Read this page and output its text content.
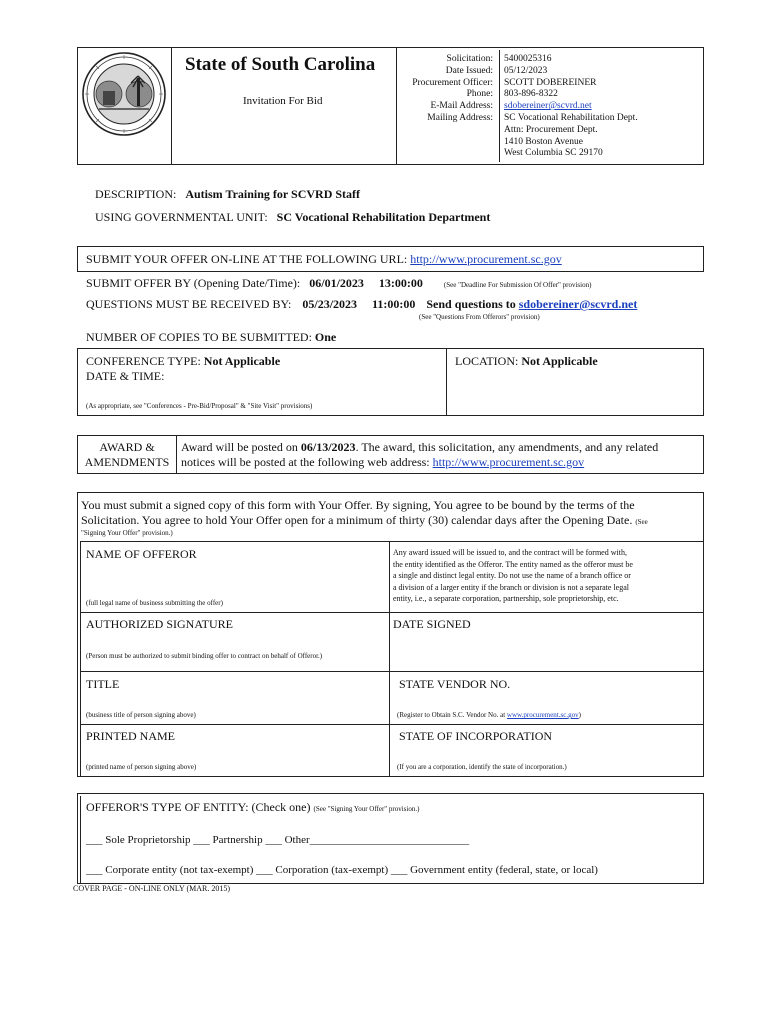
State of South Carolina
Invitation For Bid
Solicitation:
Date Issued:
Procurement Officer:
Phone:
E-Mail Address:
Mailing Address:
5400025316
05/12/2023
SCOTT DOBEREINER
803-896-8322
sdobereiner@scvrd.net
SC Vocational Rehabilitation Dept.
Attn: Procurement Dept.
1410 Boston Avenue
West Columbia SC 29170
DESCRIPTION: Autism Training for SCVRD Staff
USING GOVERNMENTAL UNIT: SC Vocational Rehabilitation Department
SUBMIT YOUR OFFER ON-LINE AT THE FOLLOWING URL: http://www.procurement.sc.gov
SUBMIT OFFER BY (Opening Date/Time): 06/01/2023 13:00:00	(See "Deadline For Submission Of Offer" provision)
QUESTIONS MUST BE RECEIVED BY: 05/23/2023 11:00:00 Send questions to sdobereiner@scvrd.net
(See "Questions From Offerors" provision)
NUMBER OF COPIES TO BE SUBMITTED: One
CONFERENCE TYPE: Not Applicable
DATE & TIME:
(As appropriate, see "Conferences - Pre-Bid/Proposal" & "Site Visit" provisions)
LOCATION: Not Applicable
AWARD &
AMENDMENTS
Award will be posted on 06/13/2023. The award, this solicitation, any amendments, and any related
notices will be posted at the following web address: http://www.procurement.sc.gov
You must submit a signed copy of this form with Your Offer. By signing, You agree to be bound by the terms of the
Solicitation. You agree to hold Your Offer open for a minimum of thirty (30) calendar days after the Opening Date. (See
"Signing Your Offer" provision.)
NAME OF OFFEROR
(full legal name of business submitting the offer)
Any award issued will be issued to, and the contract will be formed with,
the entity identified as the Offeror. The entity named as the offeror must be
a single and distinct legal entity. Do not use the name of a branch office or
a division of a larger entity if the branch or division is not a separate legal
entity, i.e., a separate corporation, partnership, sole proprietorship, etc.
AUTHORIZED SIGNATURE
(Person must be authorized to submit binding offer to contract on behalf of Offeror.)
DATE SIGNED
TITLE
(business title of person signing above)
STATE VENDOR NO.
(Register to Obtain S.C. Vendor No. at www.procurement.sc.gov)
PRINTED NAME
(printed name of person signing above)
STATE OF INCORPORATION
(If you are a corporation, identify the state of incorporation.)
OFFEROR'S TYPE OF ENTITY: (Check one) (See "Signing Your Offer" provision.)
___ Sole Proprietorship ___ Partnership ___ Other_____________________________
___ Corporate entity (not tax-exempt) ___ Corporation (tax-exempt) ___ Government entity (federal, state, or local)
COVER PAGE - ON-LINE ONLY (MAR. 2015)
